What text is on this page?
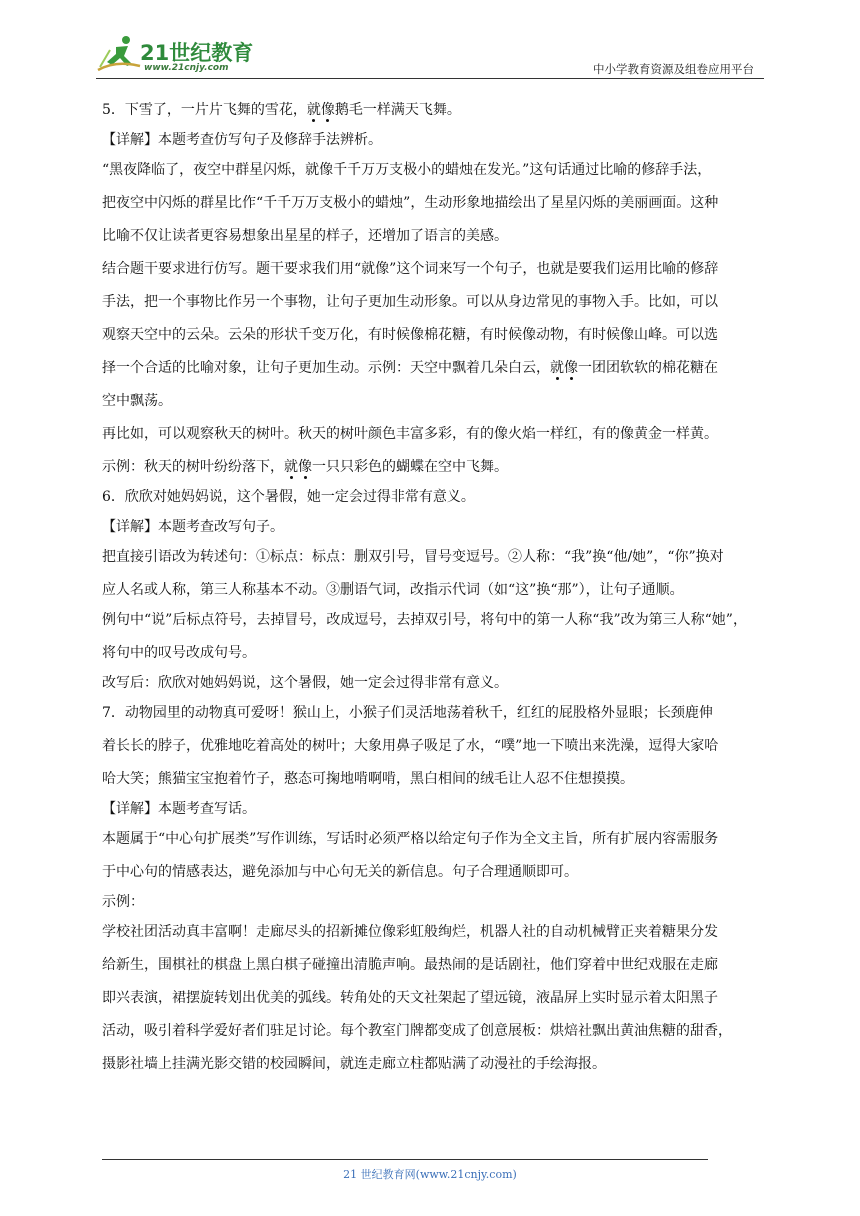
21世纪教育
www.21cnjy.com	中小学教育资源及组卷应用平台

5．下雪了，一片片飞舞的雪花，就像鹅毛一样满天飞舞。

【详解】本题考查仿写句子及修辞手法辨析。

“黑夜降临了，夜空中群星闪烁，就像千千万万支极小的蜡烛在发光。”这句话通过比喻的修辞手法，

把夜空中闪烁的群星比作“千千万万支极小的蜡烛”，生动形象地描绘出了星星闪烁的美丽画面。这种

比喻不仅让读者更容易想象出星星的样子，还增加了语言的美感。

结合题干要求进行仿写。题干要求我们用“就像”这个词来写一个句子，也就是要我们运用比喻的修辞

手法，把一个事物比作另一个事物，让句子更加生动形象。可以从身边常见的事物入手。比如，可以

观察天空中的云朵。云朵的形状千变万化，有时候像棉花糖，有时候像动物，有时候像山峰。可以选

择一个合适的比喻对象，让句子更加生动。示例：天空中飘着几朵白云，就像一团团软软的棉花糖在

空中飘荡。

再比如，可以观察秋天的树叶。秋天的树叶颜色丰富多彩，有的像火焰一样红，有的像黄金一样黄。

示例：秋天的树叶纷纷落下，就像一只只彩色的蝴蝶在空中飞舞。

6．欣欣对她妈妈说，这个暑假，她一定会过得非常有意义。

【详解】本题考查改写句子。

把直接引语改为转述句：①标点：标点：删双引号，冒号变逗号。②人称：“我”换“他/她”，“你”换对

应人名或人称，第三人称基本不动。③删语气词，改指示代词（如“这”换“那”），让句子通顺。

例句中“说”后标点符号，去掉冒号，改成逗号，去掉双引号，将句中的第一人称“我”改为第三人称“她”，

将句中的叹号改成句号。

改写后：欣欣对她妈妈说，这个暑假，她一定会过得非常有意义。

7．动物园里的动物真可爱呀！猴山上，小猴子们灵活地荡着秋千，红红的屁股格外显眼；长颈鹿伸

着长长的脖子，优雅地吃着高处的树叶；大象用鼻子吸足了水，“噗”地一下喷出来洗澡，逗得大家哈

哈大笑；熊猫宝宝抱着竹子，憨态可掬地啃啊啃，黑白相间的绒毛让人忍不住想摸摸。

【详解】本题考查写话。

本题属于“中心句扩展类”写作训练，写话时必须严格以给定句子作为全文主旨，所有扩展内容需服务

于中心句的情感表达，避免添加与中心句无关的新信息。句子合理通顺即可。

示例：

学校社团活动真丰富啊！走廊尽头的招新摊位像彩虹般绚烂，机器人社的自动机械臂正夹着糖果分发

给新生，围棋社的棋盘上黑白棋子碰撞出清脆声响。最热闹的是话剧社，他们穿着中世纪戏服在走廊

即兴表演，裙摆旋转划出优美的弧线。转角处的天文社架起了望远镜，液晶屏上实时显示着太阳黑子

活动，吸引着科学爱好者们驻足讨论。每个教室门牌都变成了创意展板：烘焙社飘出黄油焦糖的甜香，

摄影社墙上挂满光影交错的校园瞬间，就连走廊立柱都贴满了动漫社的手绘海报。

21 世纪教育网(www.21cnjy.com)
